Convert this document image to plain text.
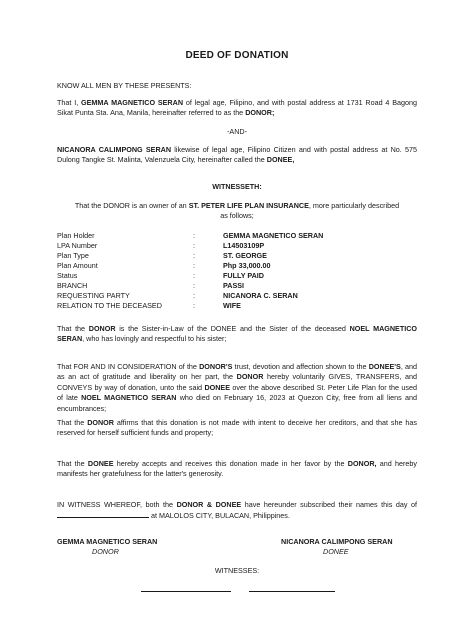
DEED OF DONATION

KNOW ALL MEN BY THESE PRESENTS:

That I, GEMMA MAGNETICO SERAN of legal age, Filipino, and with postal address at 1731 Road 4 Bagong Sikat Punta Sta. Ana, Manila, hereinafter referred to as the DONOR;

-AND-

NICANORA CALIMPONG SERAN likewise of legal age, Filipino Citizen and with postal address at No. 575 Dulong Tangke St. Malinta, Valenzuela City, hereinafter called the DONEE,

WITNESSETH:

That the DONOR is an owner of an ST. PETER LIFE PLAN INSURANCE, more particularly described as follows;

Plan Holder	:	GEMMA MAGNETICO SERAN
LPA Number	:	L14503109P
Plan Type	:	ST. GEORGE
Plan Amount	:	Php 33,000.00
Status	:	FULLY PAID
BRANCH	:	PASSI
REQUESTING PARTY	:	NICANORA C. SERAN
RELATION TO THE DECEASED	:	WIFE

That the DONOR is the Sister-in-Law of the DONEE and the Sister of the deceased NOEL MAGNETICO SERAN, who has lovingly and respectful to his sister;

That FOR AND IN CONSIDERATION of the DONOR'S trust, devotion and affection shown to the DONEE'S, and as an act of gratitude and liberality on her part, the DONOR hereby voluntarily GIVES, TRANSFERS, and CONVEYS by way of donation, unto the said DONEE over the above described St. Peter Life Plan for the used of late NOEL MAGNETICO SERAN who died on February 16, 2023 at Quezon City, free from all liens and encumbrances;

That the DONOR affirms that this donation is not made with intent to deceive her creditors, and that she has reserved for herself sufficient funds and property;

That the DONEE hereby accepts and receives this donation made in her favor by the DONOR, and hereby manifests her gratefulness for the latter's generosity.

IN WITNESS WHEREOF, both the DONOR & DONEE have hereunder subscribed their names this day of  at MALOLOS CITY, BULACAN, Philippines.

GEMMA MAGNETICO SERAN
DONOR
NICANORA CALIMPONG SERAN
DONEE

WITNESSES:
